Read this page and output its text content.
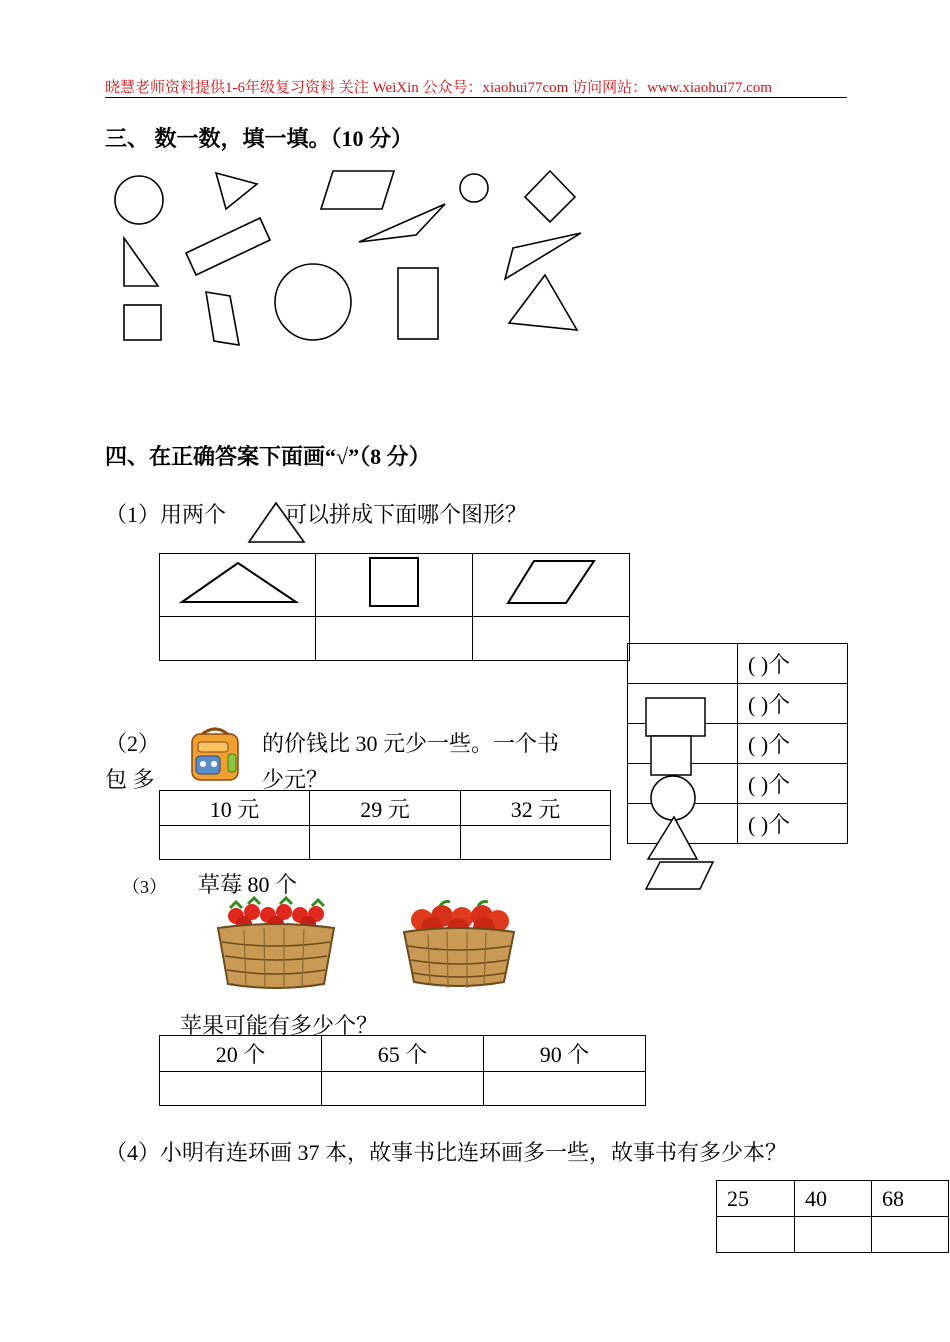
晓慧老师资料提供1-6年级复习资料 关注 WeiXin 公众号：xiaohui77com 访问网站：www.xiaohui77.com
三、 数一数，填一填。（10 分）
	( )个
	( )个
	( )个
	( )个
	( )个
四、在正确答案下面画“√”（8 分）
（1）用两个	可以拼成下面哪个图形？

（2）	的价钱比 30 元少一些。一个书
包 多	少元？
10 元	29 元	32 元

（3） 草莓 80 个
苹果可能有多少个？
20 个	65 个	90 个

（4）小明有连环画 37 本，故事书比连环画多一些，故事书有多少本？
25	40	68
